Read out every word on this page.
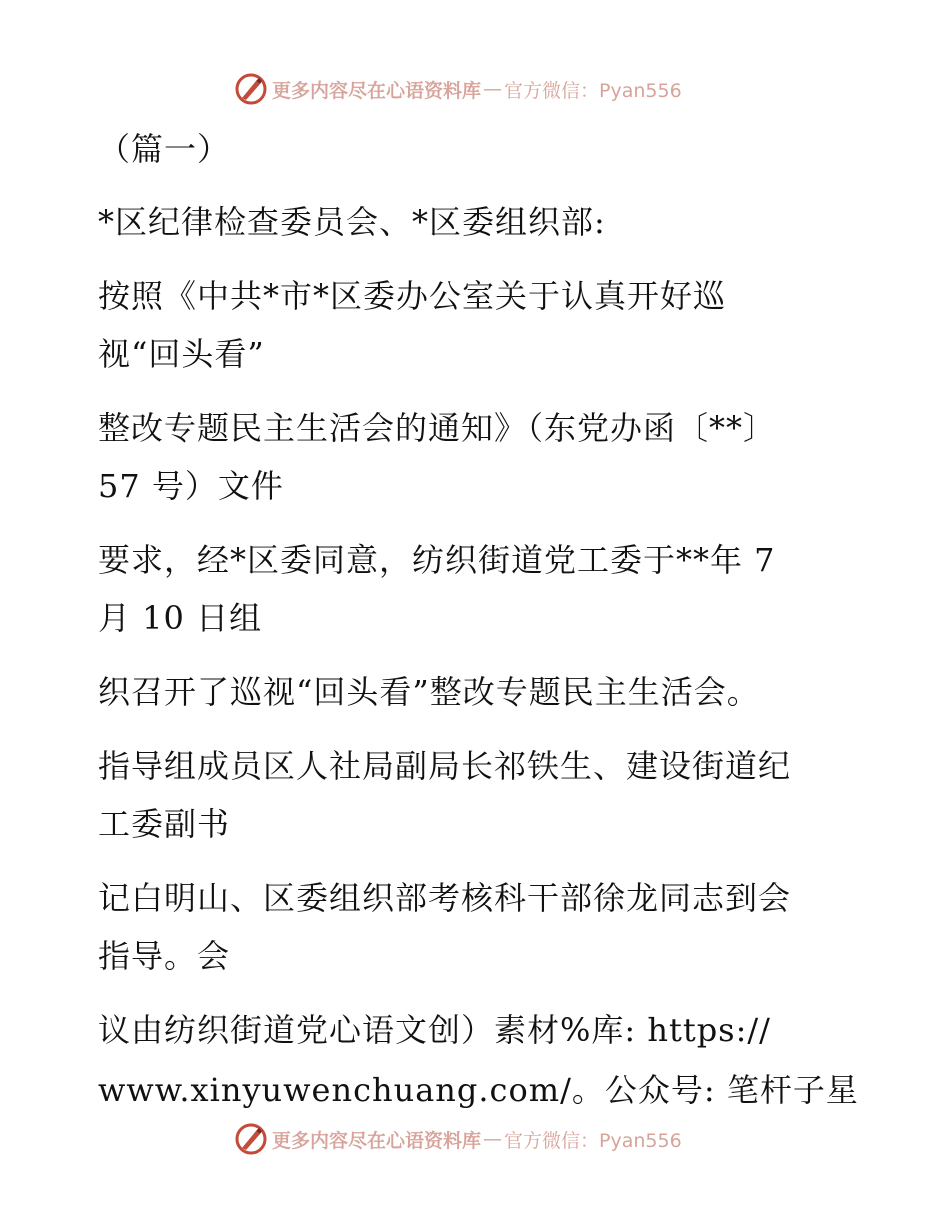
更多内容尽在心语资料库 — 官方微信：Pyan556
（篇一）
*区纪律检查委员会、*区委组织部:
按照《中共*市*区委办公室关于认真开好巡
视“回头看”
整改专题民主生活会的通知》（东党办函〔**〕
57 号）文件
要求，经*区委同意，纺织街道党工委于**年 7
月 10 日组
织召开了巡视“回头看”整改专题民主生活会。
指导组成员区人社局副局长祁铁生、建设街道纪
工委副书
记白明山、区委组织部考核科干部徐龙同志到会
指导。会
议由纺织街道党心语文创）素材%库: https://
www.xinyuwenchuang.com/。公众号: 笔杆子星
更多内容尽在心语资料库 — 官方微信：Pyan556
